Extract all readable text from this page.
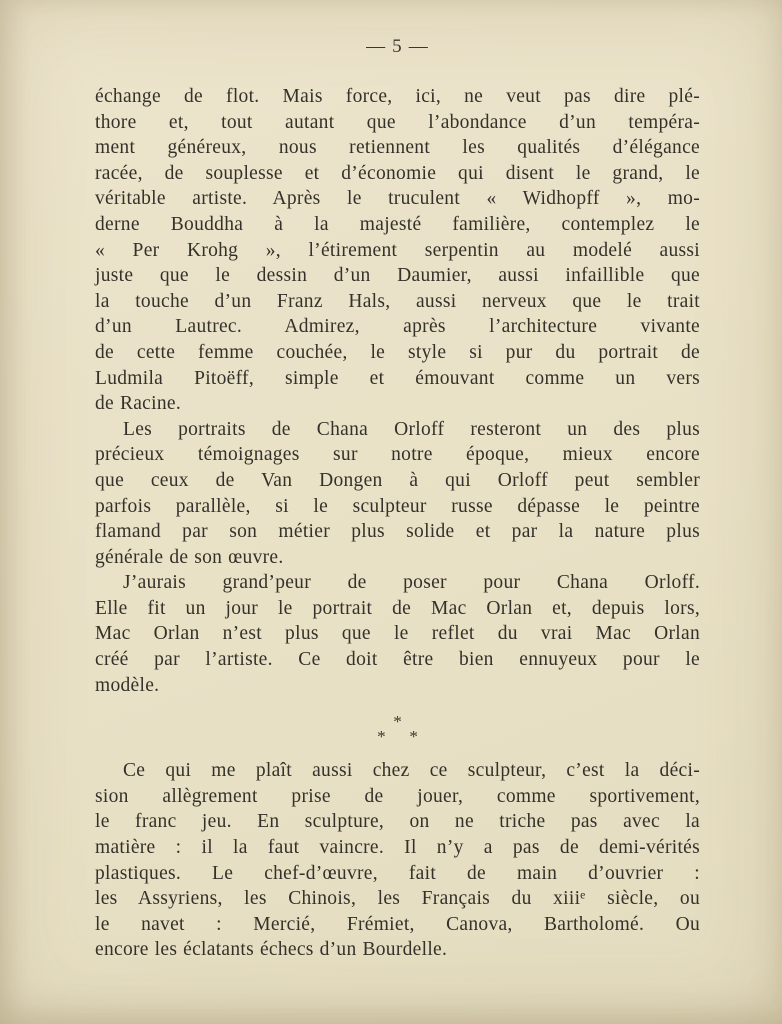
— 5 —
échange de flot. Mais force, ici, ne veut pas dire plé-
thore et, tout autant que l’abondance d’un tempéra-
ment généreux, nous retiennent les qualités d’élégance
racée, de souplesse et d’économie qui disent le grand, le
véritable artiste. Après le truculent « Widhopff », mo-
derne Bouddha à la majesté familière, contemplez le
« Per Krohg », l’étirement serpentin au modelé aussi
juste que le dessin d’un Daumier, aussi infaillible que
la touche d’un Franz Hals, aussi nerveux que le trait
d’un Lautrec. Admirez, après l’architecture vivante
de cette femme couchée, le style si pur du portrait de
Ludmila Pitoëff, simple et émouvant comme un vers
de Racine.
Les portraits de Chana Orloff resteront un des plus
précieux témoignages sur notre époque, mieux encore
que ceux de Van Dongen à qui Orloff peut sembler
parfois parallèle, si le sculpteur russe dépasse le peintre
flamand par son métier plus solide et par la nature plus
générale de son œuvre.
J’aurais grand’peur de poser pour Chana Orloff.
Elle fit un jour le portrait de Mac Orlan et, depuis lors,
Mac Orlan n’est plus que le reflet du vrai Mac Orlan
créé par l’artiste. Ce doit être bien ennuyeux pour le
modèle.
*
* *
Ce qui me plaît aussi chez ce sculpteur, c’est la déci-
sion allègrement prise de jouer, comme sportivement,
le franc jeu. En sculpture, on ne triche pas avec la
matière : il la faut vaincre. Il n’y a pas de demi-vérités
plastiques. Le chef-d’œuvre, fait de main d’ouvrier :
les Assyriens, les Chinois, les Français du xiiiᵉ siècle, ou
le navet : Mercié, Frémiet, Canova, Bartholomé. Ou
encore les éclatants échecs d’un Bourdelle.
